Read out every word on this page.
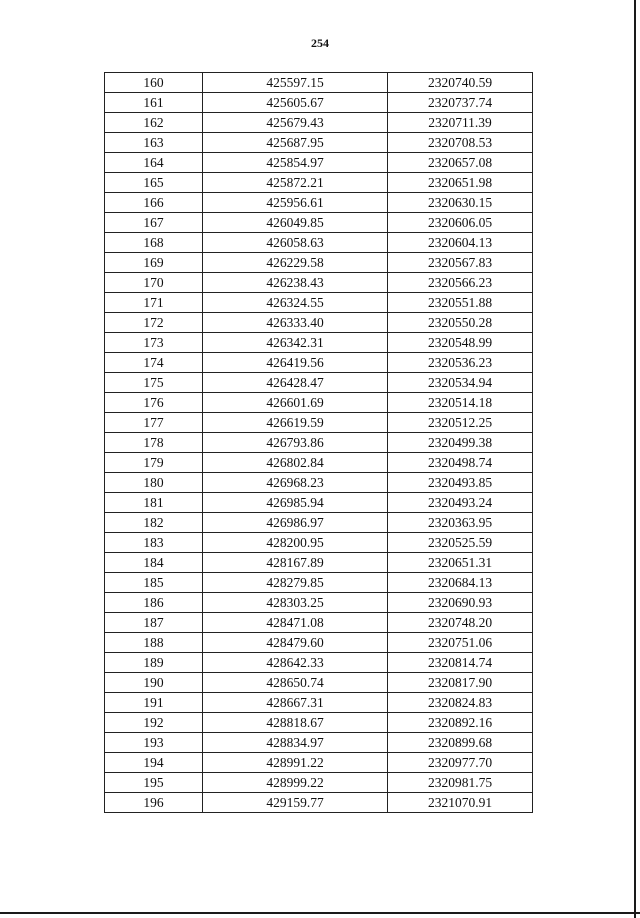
254
160	425597.15	2320740.59
161	425605.67	2320737.74
162	425679.43	2320711.39
163	425687.95	2320708.53
164	425854.97	2320657.08
165	425872.21	2320651.98
166	425956.61	2320630.15
167	426049.85	2320606.05
168	426058.63	2320604.13
169	426229.58	2320567.83
170	426238.43	2320566.23
171	426324.55	2320551.88
172	426333.40	2320550.28
173	426342.31	2320548.99
174	426419.56	2320536.23
175	426428.47	2320534.94
176	426601.69	2320514.18
177	426619.59	2320512.25
178	426793.86	2320499.38
179	426802.84	2320498.74
180	426968.23	2320493.85
181	426985.94	2320493.24
182	426986.97	2320363.95
183	428200.95	2320525.59
184	428167.89	2320651.31
185	428279.85	2320684.13
186	428303.25	2320690.93
187	428471.08	2320748.20
188	428479.60	2320751.06
189	428642.33	2320814.74
190	428650.74	2320817.90
191	428667.31	2320824.83
192	428818.67	2320892.16
193	428834.97	2320899.68
194	428991.22	2320977.70
195	428999.22	2320981.75
196	429159.77	2321070.91
